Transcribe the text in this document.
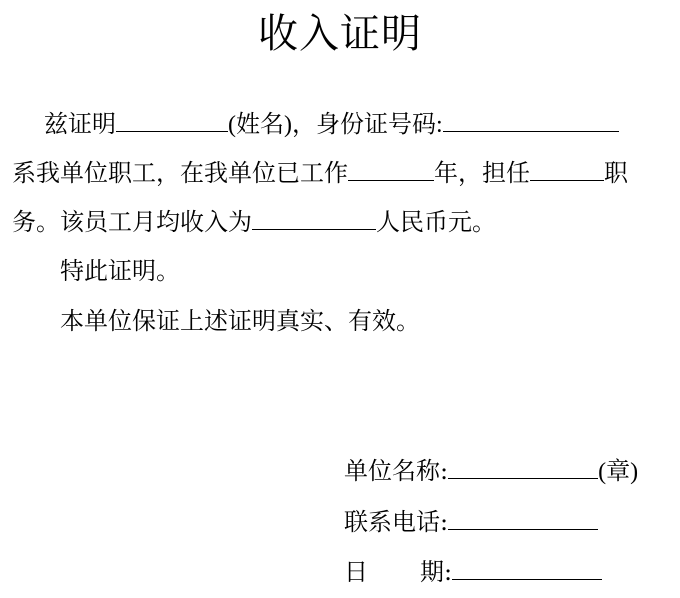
收入证明
兹证明	(姓名)，身份证号码:
系我单位职工，在我单位已工作	年，担任	职
务。该员工月均收入为	人民币元。
特此证明。
本单位保证上述证明真实、有效。
单位名称:	(章)
联系电话:
日 期:
